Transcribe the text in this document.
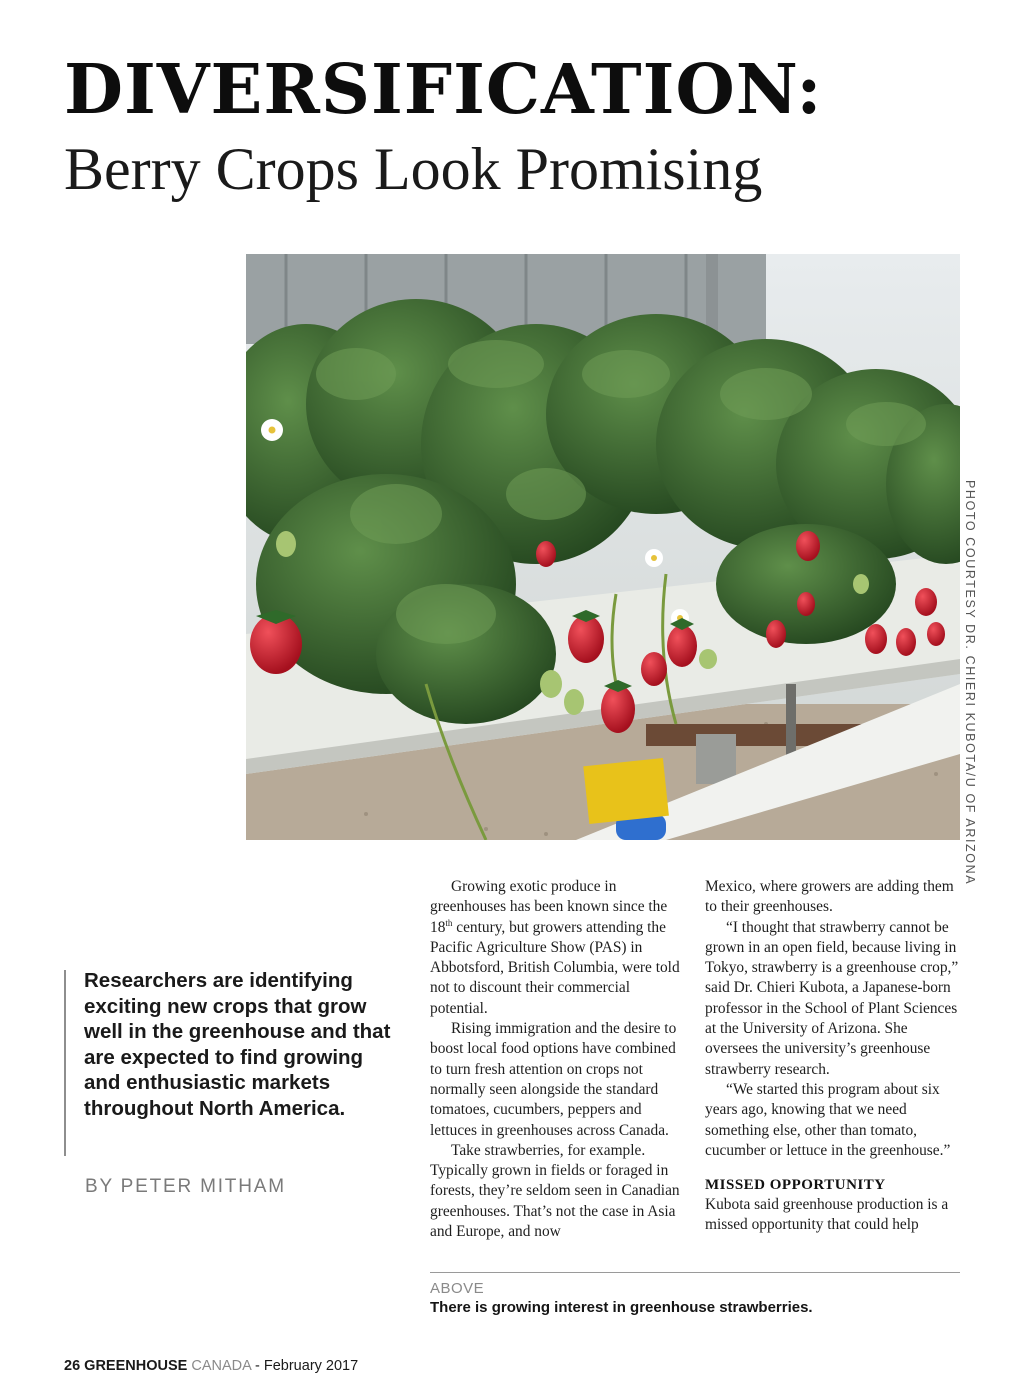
DIVERSIFICATION:
Berry Crops Look Promising
PHOTO COURTESY DR. CHIERI KUBOTA/U OF ARIZONA

Researchers are identifying exciting new crops that grow well in the greenhouse and that are expected to find growing and enthusiastic markets throughout North America.

BY PETER MITHAM

Growing exotic produce in greenhouses has been known since the 18th century, but growers attending the Pacific Agriculture Show (PAS) in Abbotsford, British Columbia, were told not to discount their commercial potential.

Rising immigration and the desire to boost local food options have combined to turn fresh attention on crops not normally seen alongside the standard tomatoes, cucumbers, peppers and lettuces in greenhouses across Canada.

Take strawberries, for example. Typically grown in fields or foraged in forests, they’re seldom seen in Canadian greenhouses. That’s not the case in Asia and Europe, and now

Mexico, where growers are adding them to their greenhouses.

“I thought that strawberry cannot be grown in an open field, because living in Tokyo, strawberry is a greenhouse crop,” said Dr. Chieri Kubota, a Japanese-born professor in the School of Plant Sciences at the University of Arizona. She oversees the university’s greenhouse strawberry research.

“We started this program about six years ago, knowing that we need something else, other than tomato, cucumber or lettuce in the greenhouse.”

MISSED OPPORTUNITY

Kubota said greenhouse production is a missed opportunity that could help

ABOVE
There is growing interest in greenhouse strawberries.
26 GREENHOUSE CANADA - February 2017
